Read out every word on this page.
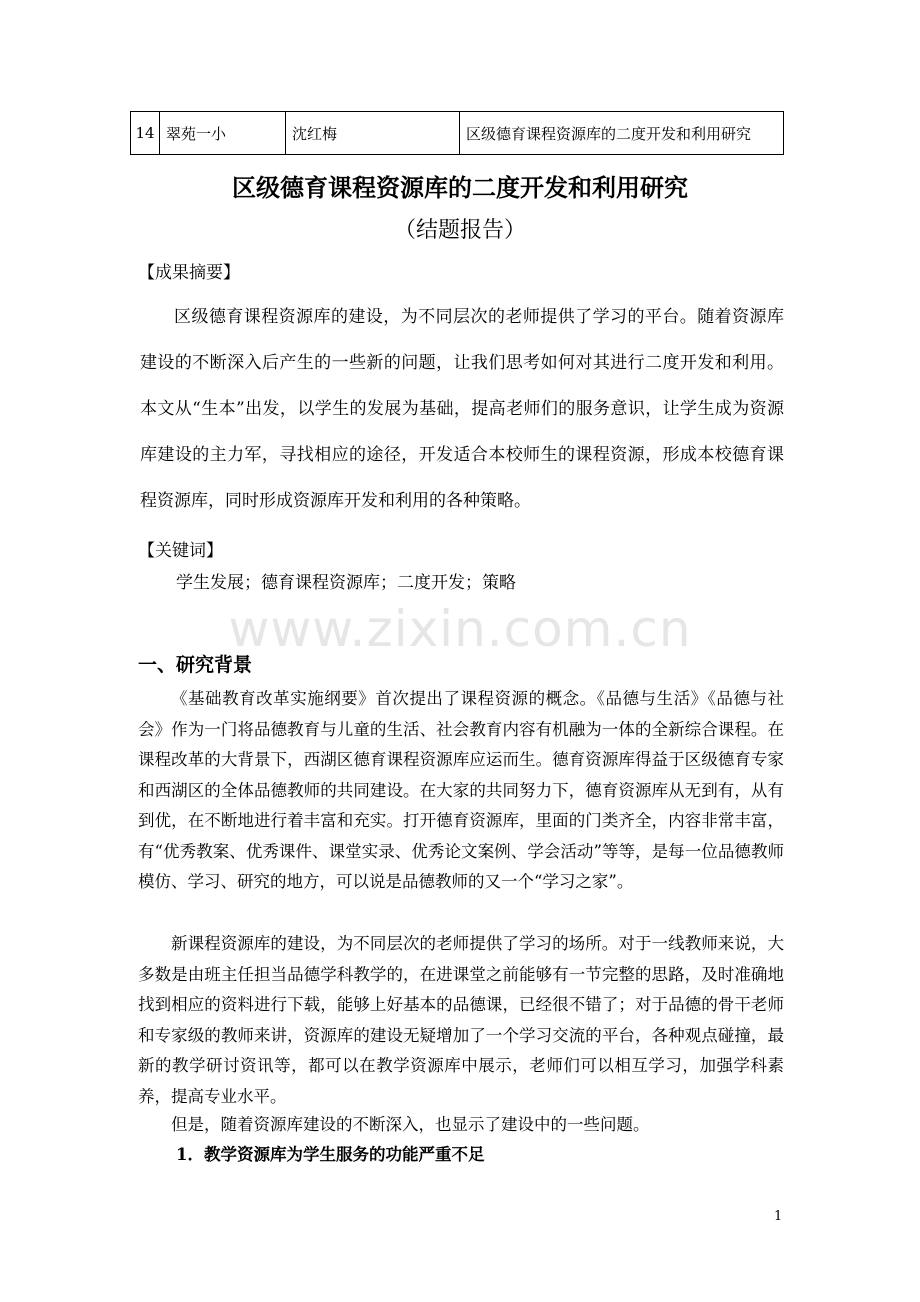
14	翠苑一小	沈红梅	区级德育课程资源库的二度开发和利用研究
区级德育课程资源库的二度开发和利用研究
（结题报告）
【成果摘要】

区级德育课程资源库的建设，为不同层次的老师提供了学习的平台。随着资源库建设的不断深入后产生的一些新的问题，让我们思考如何对其进行二度开发和利用。本文从“生本”出发，以学生的发展为基础，提高老师们的服务意识，让学生成为资源库建设的主力军，寻找相应的途径，开发适合本校师生的课程资源，形成本校德育课程资源库，同时形成资源库开发和利用的各种策略。

【关键词】
学生发展；德育课程资源库；二度开发；策略
www.zixin.com.cn
一、研究背景

《基础教育改革实施纲要》首次提出了课程资源的概念。《品德与生活》《品德与社会》作为一门将品德教育与儿童的生活、社会教育内容有机融为一体的全新综合课程。在课程改革的大背景下，西湖区德育课程资源库应运而生。德育资源库得益于区级德育专家和西湖区的全体品德教师的共同建设。在大家的共同努力下，德育资源库从无到有，从有到优，在不断地进行着丰富和充实。打开德育资源库，里面的门类齐全，内容非常丰富，有“优秀教案、优秀课件、课堂实录、优秀论文案例、学会活动”等等，是每一位品德教师模仿、学习、研究的地方，可以说是品德教师的又一个“学习之家”。

新课程资源库的建设，为不同层次的老师提供了学习的场所。对于一线教师来说，大多数是由班主任担当品德学科教学的，在进课堂之前能够有一节完整的思路，及时准确地找到相应的资料进行下载，能够上好基本的品德课，已经很不错了；对于品德的骨干老师和专家级的教师来讲，资源库的建设无疑增加了一个学习交流的平台，各种观点碰撞，最新的教学研讨资讯等，都可以在教学资源库中展示，老师们可以相互学习，加强学科素养，提高专业水平。

但是，随着资源库建设的不断深入，也显示了建设中的一些问题。

1．教学资源库为学生服务的功能严重不足
1
